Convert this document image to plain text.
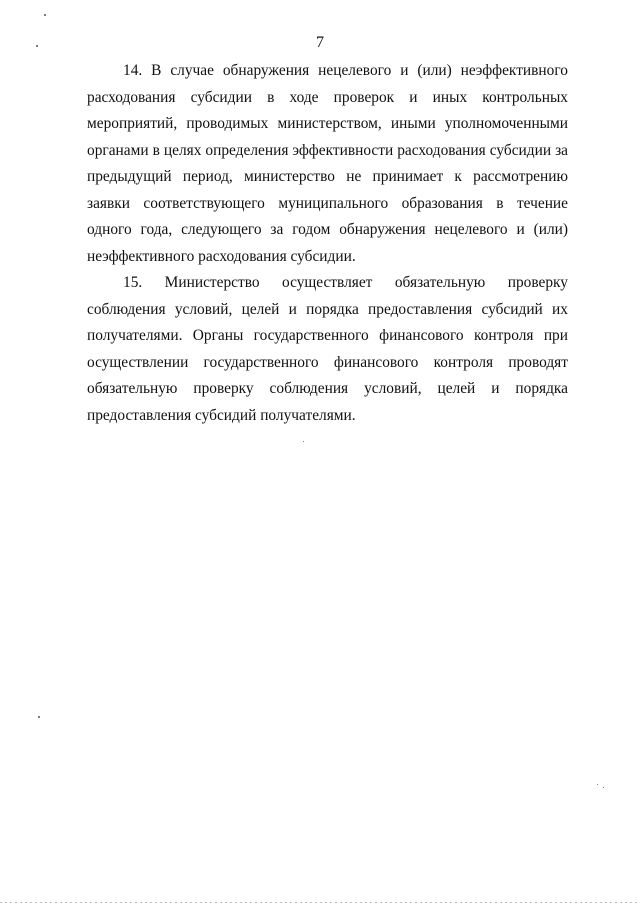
7

14. В случае обнаружения нецелевого и (или) неэффективного расходования субсидии в ходе проверок и иных контрольных мероприятий, проводимых министерством, иными уполномоченными органами в целях определения эффективности расходования субсидии за предыдущий период, министерство не принимает к рассмотрению заявки соответствующего муниципального образования в течение одного года, следующего за годом обнаружения нецелевого и (или) неэффективного расходования субсидии.

15. Министерство осуществляет обязательную проверку соблюдения условий, целей и порядка предоставления субсидий их получателями. Органы государственного финансового контроля при осуществлении государственного финансового контроля проводят обязательную проверку соблюдения условий, целей и порядка предоставления субсидий получателями.
